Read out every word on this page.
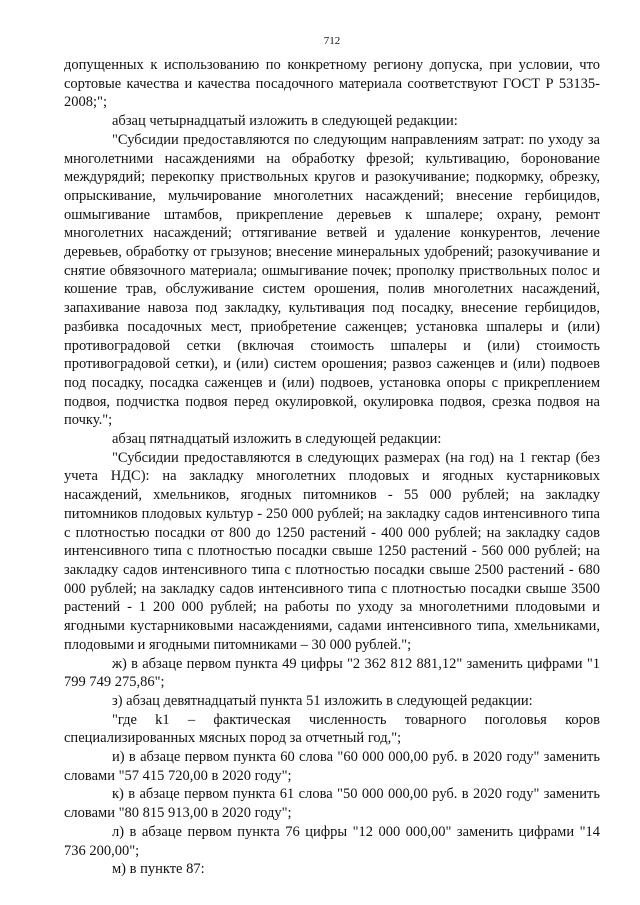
712

допущенных к использованию по конкретному региону допуска, при условии, что сортовые качества и качества посадочного материала соответствуют ГОСТ Р 53135-2008;";

абзац четырнадцатый изложить в следующей редакции:

"Субсидии предоставляются по следующим направлениям затрат: по уходу за многолетними насаждениями на обработку фрезой; культивацию, боронование междурядий; перекопку приствольных кругов и разокучивание; подкормку, обрезку, опрыскивание, мульчирование многолетних насаждений; внесение гербицидов, ошмыгивание штамбов, прикрепление деревьев к шпалере; охрану, ремонт многолетних насаждений; оттягивание ветвей и удаление конкурентов, лечение деревьев, обработку от грызунов; внесение минеральных удобрений; разокучивание и снятие обвязочного материала; ошмыгивание почек; прополку приствольных полос и кошение трав, обслуживание систем орошения, полив многолетних насаждений, запахивание навоза под закладку, культивация под посадку, внесение гербицидов, разбивка посадочных мест, приобретение саженцев; установка шпалеры и (или) противоградовой сетки (включая стоимость шпалеры и (или) стоимость противоградовой сетки), и (или) систем орошения; развоз саженцев и (или) подвоев под посадку, посадка саженцев и (или) подвоев, установка опоры с прикреплением подвоя, подчистка подвоя перед окулировкой, окулировка подвоя, срезка подвоя на почку.";

абзац пятнадцатый изложить в следующей редакции:

"Субсидии предоставляются в следующих размерах (на год) на 1 гектар (без учета НДС): на закладку многолетних плодовых и ягодных кустарниковых насаждений, хмельников, ягодных питомников - 55 000 рублей; на закладку питомников плодовых культур - 250 000 рублей; на закладку садов интенсивного типа с плотностью посадки от 800 до 1250 растений - 400 000 рублей; на закладку садов интенсивного типа с плотностью посадки свыше 1250 растений - 560 000 рублей; на закладку садов интенсивного типа с плотностью посадки свыше 2500 растений - 680 000 рублей; на закладку садов интенсивного типа с плотностью посадки свыше 3500 растений - 1 200 000 рублей; на работы по уходу за многолетними плодовыми и ягодными кустарниковыми насаждениями, садами интенсивного типа, хмельниками, плодовыми и ягодными питомниками – 30 000 рублей.";

ж) в абзаце первом пункта 49 цифры "2 362 812 881,12" заменить цифрами "1 799 749 275,86";

з) абзац девятнадцатый пункта 51 изложить в следующей редакции:

"где k1 – фактическая численность товарного поголовья коров специализированных мясных пород за отчетный год,";

и) в абзаце первом пункта 60 слова "60 000 000,00 руб. в 2020 году" заменить словами "57 415 720,00 в 2020 году";

к) в абзаце первом пункта 61 слова "50 000 000,00 руб. в 2020 году" заменить словами "80 815 913,00 в 2020 году";

л) в абзаце первом пункта 76 цифры "12 000 000,00" заменить цифрами "14 736 200,00";

м) в пункте 87:
